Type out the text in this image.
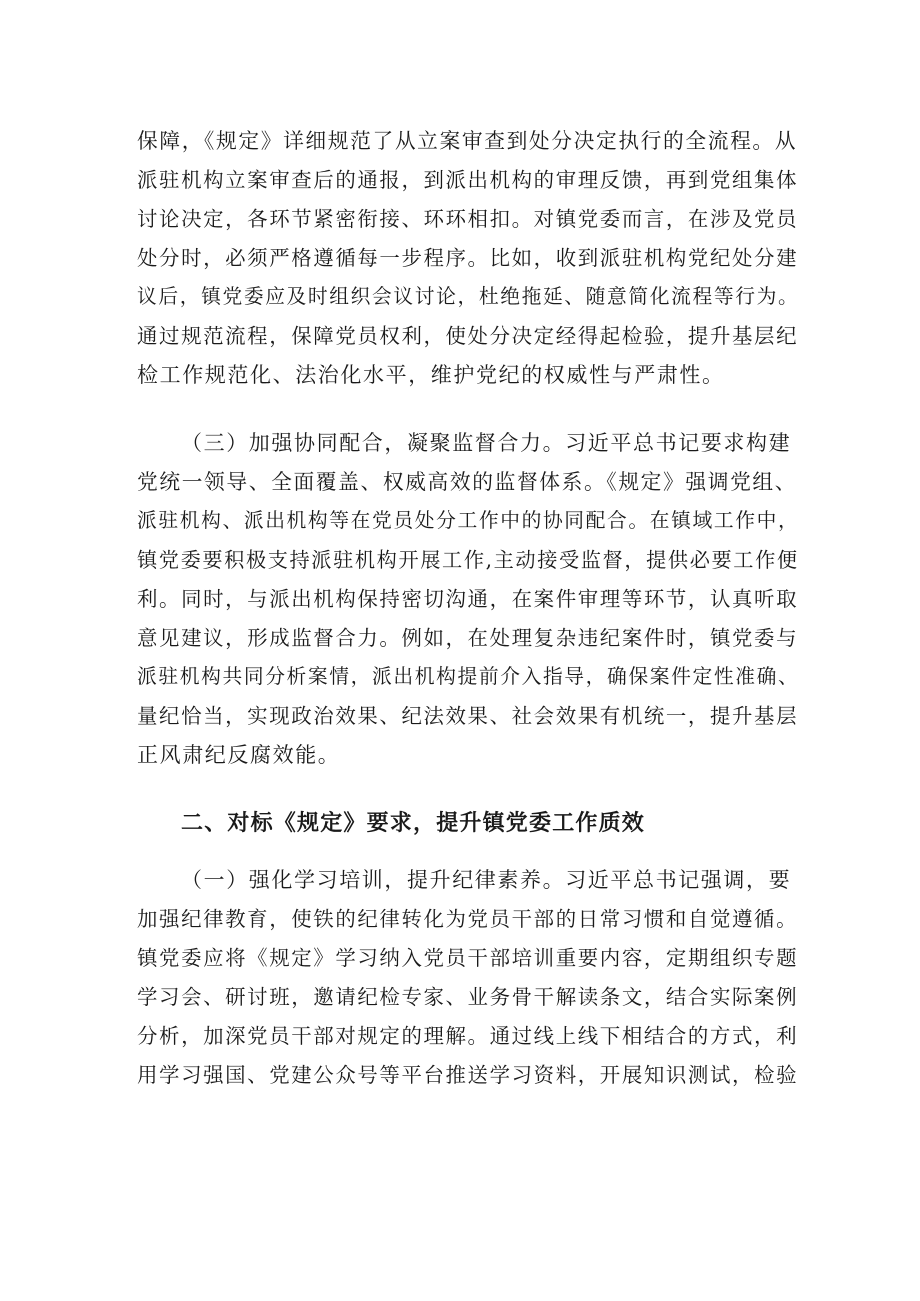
保障，《规定》详细规范了从立案审查到处分决定执行的全流程。从
派驻机构立案审查后的通报，到派出机构的审理反馈，再到党组集体
讨论决定，各环节紧密衔接、环环相扣。对镇党委而言，在涉及党员
处分时，必须严格遵循每一步程序。比如，收到派驻机构党纪处分建
议后，镇党委应及时组织会议讨论，杜绝拖延、随意简化流程等行为。
通过规范流程，保障党员权利，使处分决定经得起检验，提升基层纪
检工作规范化、法治化水平，维护党纪的权威性与严肃性。
（三）加强协同配合，凝聚监督合力。习近平总书记要求构建
党统一领导、全面覆盖、权威高效的监督体系。《规定》强调党组、
派驻机构、派出机构等在党员处分工作中的协同配合。在镇域工作中，
镇党委要积极支持派驻机构开展工作,主动接受监督，提供必要工作便
利。同时，与派出机构保持密切沟通，在案件审理等环节，认真听取
意见建议，形成监督合力。例如，在处理复杂违纪案件时，镇党委与
派驻机构共同分析案情，派出机构提前介入指导，确保案件定性准确、
量纪恰当，实现政治效果、纪法效果、社会效果有机统一，提升基层
正风肃纪反腐效能。
二、对标《规定》要求，提升镇党委工作质效
（一）强化学习培训，提升纪律素养。习近平总书记强调，要
加强纪律教育，使铁的纪律转化为党员干部的日常习惯和自觉遵循。
镇党委应将《规定》学习纳入党员干部培训重要内容，定期组织专题
学习会、研讨班，邀请纪检专家、业务骨干解读条文，结合实际案例
分析，加深党员干部对规定的理解。通过线上线下相结合的方式，利
用学习强国、党建公众号等平台推送学习资料，开展知识测试，检验
